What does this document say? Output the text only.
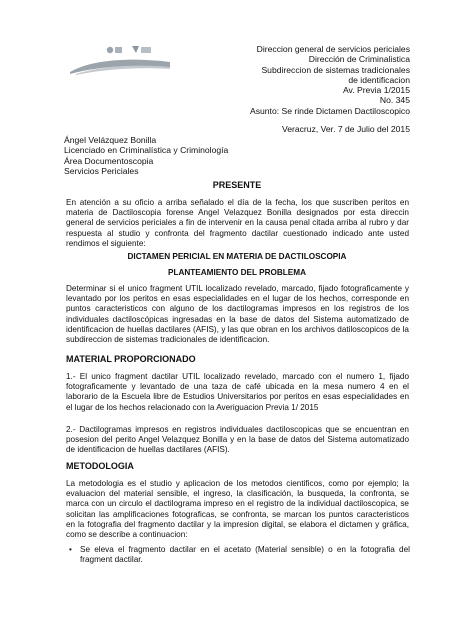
Direccion general de servicios periciales
Dirección de Criminalistica
Subdireccion de sistemas tradicionales
de identificacion
Av. Previa 1/2015
No. 345
Asunto: Se rinde Dictamen Dactiloscopico
Veracruz, Ver. 7 de Julio del 2015
Ángel Velázquez Bonilla
Licenciado en Criminalística y Criminología
Área Documentoscopia
Servicios Periciales
PRESENTE
En atención a su oficio a arriba señalado el día de la fecha, los que suscriben peritos en materia de Dactiloscopia forense Angel Velazquez Bonilla designados por esta direccin general de servicios periciales a fin de intervenir en la causa penal citada arriba al rubro y dar respuesta al studio y confronta del fragmento dactilar cuestionado indicado ante usted rendimos el siguiente:
DICTAMEN PERICIAL EN MATERIA DE DACTILOSCOPIA
PLANTEAMIENTO DEL PROBLEMA
Determinar si el unico fragment UTIL localizado revelado, marcado, fijado fotograficamente y levantado por los peritos en esas especialidades en el lugar de los hechos, corresponde en puntos caracteristicos con alguno de los dactilogramas impresos en los registros de los individuales dactiloscópicas ingresadas en la base de datos del Sistema automatizado de identificacion de huellas dactilares (AFIS), y las que obran en los archivos datiloscopicos de la subdireccion de sistemas tradicionales de identificacion.
MATERIAL PROPORCIONADO
1.- El unico fragment dactilar UTIL localizado revelado, marcado con el numero 1, fijado fotograficamente y levantado de una taza de café ubicada en la mesa numero 4 en el laborario de la Escuela libre de Estudios Universitarios por peritos en esas especialidades en el lugar de los hechos relacionado con la Averiguacion Previa 1/ 2015
2.- Dactilogramas impresos en registros individuales dactiloscopicas que se encuentran en posesion del perito Angel Velazquez Bonilla y en la base de datos del Sistema automatizado de identificacion de huellas dactilares (AFIS).
METODOLOGIA
La metodologia es el studio y aplicacion de los metodos cientificos, como por ejemplo; la evaluacion del material sensible, el ingreso, la clasificación, la busqueda, la confronta, se marca con un circulo el dactilograma impreso en el registro de la individual dactiloscopica, se solicitan las amplificaciones fotograficas, se confronta, se marcan los puntos caracteristicos en la fotografia del fragmento dactilar y la impresion digital, se elabora el dictamen y gráfica, como se describe a continuacion:
• Se eleva el fragmento dactilar en el acetato (Material sensible) o en la fotografia del fragment dactilar.
